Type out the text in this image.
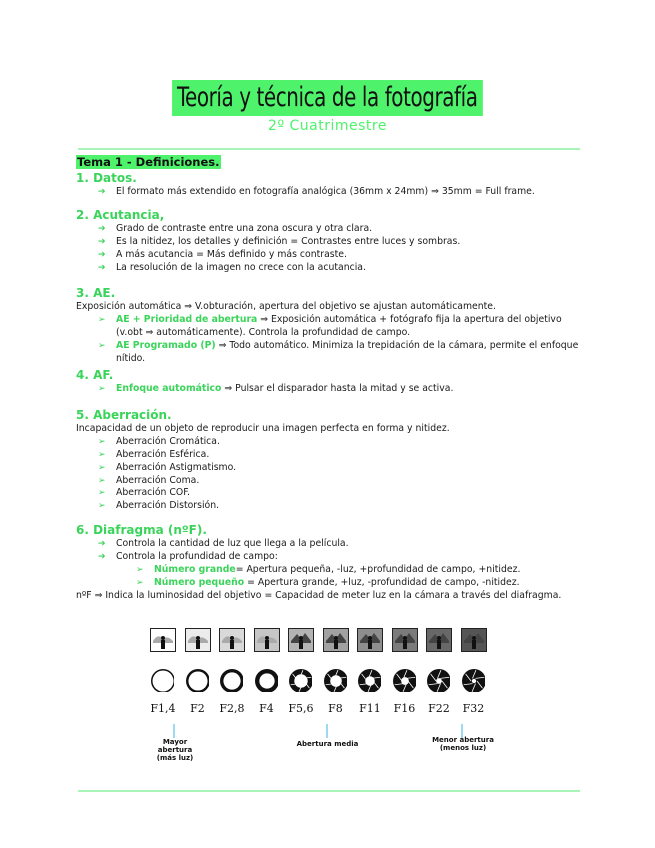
Teoría y técnica de la fotografía
2º Cuatrimestre
Tema 1 - Definiciones.
1. Datos.
➔ El formato más extendido en fotografía analógica (36mm x 24mm) ⇒ 35mm = Full frame.
2. Acutancia,
➔ Grado de contraste entre una zona oscura y otra clara.
➔ Es la nitidez, los detalles y definición = Contrastes entre luces y sombras.
➔ A más acutancia = Más definido y más contraste.
➔ La resolución de la imagen no crece con la acutancia.
3. AE.

Exposición automática ⇒ V.obturación, apertura del objetivo se ajustan automáticamente.

➢ AE + Prioridad de abertura ⇒ Exposición automática + fotógrafo fija la apertura del objetivo (v.obt ⇒ automáticamente). Controla la profundidad de campo.
➢ AE Programado (P) ⇒ Todo automático. Minimiza la trepidación de la cámara, permite el enfoque nítido.
4. AF.
➢ Enfoque automático ⇒ Pulsar el disparador hasta la mitad y se activa.
5. Aberración.

Incapacidad de un objeto de reproducir una imagen perfecta en forma y nitidez.

➢ Aberración Cromática.
➢ Aberración Esférica.
➢ Aberración Astigmatismo.
➢ Aberración Coma.
➢ Aberración COF.
➢ Aberración Distorsión.
6. Diafragma (nºF).
➔ Controla la cantidad de luz que llega a la película.
➔ Controla la profundidad de campo:
➢ Número grande= Apertura pequeña, -luz, +profundidad de campo, +nitidez.
➢ Número pequeño = Apertura grande, +luz, -profundidad de campo, -nitidez.

nºF ⇒ Indica la luminosidad del objetivo = Capacidad de meter luz en la cámara a través del diafragma.

F1,4	F2	F2,8	F4	F5,6	F8	F11	F16	F22	F32
Mayor abertura
(más luz)
Abertura media	Menor abertura
(menos luz)
